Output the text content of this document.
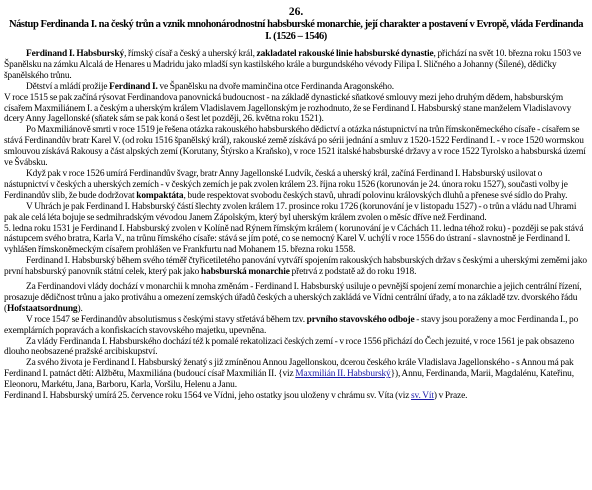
26.
Nástup Ferdinanda I. na český trůn a vznik mnohonárodnostní habsburské monarchie, její charakter a postavení v Evropě, vláda Ferdinanda I. (1526 – 1546)

Ferdinand I. Habsburský, římský císař a český a uherský král, zakladatel rakouské linie habsburské dynastie, přichází na svět 10. března roku 1503 ve Španělsku na zámku Alcalá de Henares u Madridu jako mladší syn kastilského krále a burgundského vévody Filipa I. Sličného a Johanny (Šílené), dědičky španělského trůnu.

Dětství a mládí prožije Ferdinand I. ve Španělsku na dvoře maminčina otce Ferdinanda Aragonského.

V roce 1515 se pak začíná rýsovat Ferdinandova panovnická budoucnost - na základě dynastické sňatkové smlouvy mezi jeho druhým dědem, habsburským císařem Maxmiliánem I. a českým a uherským králem Vladislavem Jagellonským je rozhodnuto, že se Ferdinand I. Habsburský stane manželem Vladislavovy dcery Anny Jagellonské (sňatek sám se pak koná o šest let později, 26. května roku 1521).

Po Maxmiliánově smrti v roce 1519 je řešena otázka rakouského habsburského dědictví a otázka nástupnictví na trůn římskoněmeckého císaře - císařem se stává Ferdinandův bratr Karel V. (od roku 1516 španělský král), rakouské země získává po sérii jednání a smluv z 1520-1522 Ferdinand I. - v roce 1520 wormskou smlouvou získává Rakousy a část alpských zemí (Korutany, Štýrsko a Kraňsko), v roce 1521 italské habsburské državy a v roce 1522 Tyrolsko a habsburská území ve Švábsku.

Když pak v roce 1526 umírá Ferdinandův švagr, bratr Anny Jagellonské Ludvík, česká a uherský král, začíná Ferdinand I. Habsburský usilovat o nástupnictví v českých a uherských zemích - v českých zemích je pak zvolen králem 23. října roku 1526 (korunován je 24. února roku 1527), současti volby je Ferdinandův slib, že bude dodržovat kompaktáta, bude respektovat svobodu českých stavů, uhradí polovinu královských dluhů a přenese své sídlo do Prahy.

V Uhrách je pak Ferdinand I. Habsburský částí šlechty zvolen králem 17. prosince roku 1726 (korunování je v listopadu 1527) - o trůn a vládu nad Uhrami pak ale celá léta bojuje se sedmihradským vévodou Janem Zápolským, který byl uherským králem zvolen o měsíc dříve než Ferdinand.

5. ledna roku 1531 je Ferdinand I. Habsburský zvolen v Kolíně nad Rýnem římským králem ( korunování je v Cáchách 11. ledna téhož roku) - později se pak stává nástupcem svého bratra, Karla V., na trůnu římského císaře: stává se jím poté, co se nemocný Karel V. uchýlí v roce 1556 do ústraní - slavnostně je Ferdinand I. vyhlášen římskoněmeckým císařem prohlášen ve Frankfurtu nad Mohanem 15. března roku 1558.

Ferdinand I. Habsburský během svého téměř čtyřicetiletého panování vytváří spojením rakouských habsburských držav s českými a uherskými zeměmi jako první habsburský panovník státní celek, který pak jako habsburská monarchie přetrvá z podstatě až do roku 1918.

Za Ferdinandovi vlády dochází v monarchii k mnoha změnám - Ferdinand I. Habsburský usiluje o pevnější spojení zemí monarchie a jejich centrální řízení, prosazuje dědičnost trůnu a jako protiváhu a omezení zemských úřadů českých a uherských zakládá ve Vídni centrální úřady, a to na základě tzv. dvorského řádu (Hofstaatsordnung).

V roce 1547 se Ferdinandův absolutismus s českými stavy střetává během tzv. prvního stavovského odboje - stavy jsou poraženy a moc Ferdinanda I., po exemplárních popravách a konfiskacích stavovského majetku, upevněna.

Za vlády Ferdinanda I. Habsburského dochází též k pomalé rekatolizaci českých zemí - v roce 1556 přichází do Čech jezuité, v roce 1561 je pak obsazeno dlouho neobsazené pražské arcibiskupství.

Za svého života je Ferdinand I. Habsburský ženatý s již zmíněnou Annou Jagellonskou, dcerou českého krále Vladislava Jagellonského - s Annou má pak Ferdinand I. patnáct dětí: Alžbětu, Maxmiliána (budoucí císař Maxmilián II. {viz Maxmilián II. Habsburský}), Annu, Ferdinanda, Marii, Magdalénu, Kateřinu, Eleonoru, Markétu, Jana, Barboru, Karla, Voršilu, Helenu a Janu.

Ferdinand I. Habsburský umírá 25. července roku 1564 ve Vídni, jeho ostatky jsou uloženy v chrámu sv. Víta (viz sv. Vít) v Praze.
